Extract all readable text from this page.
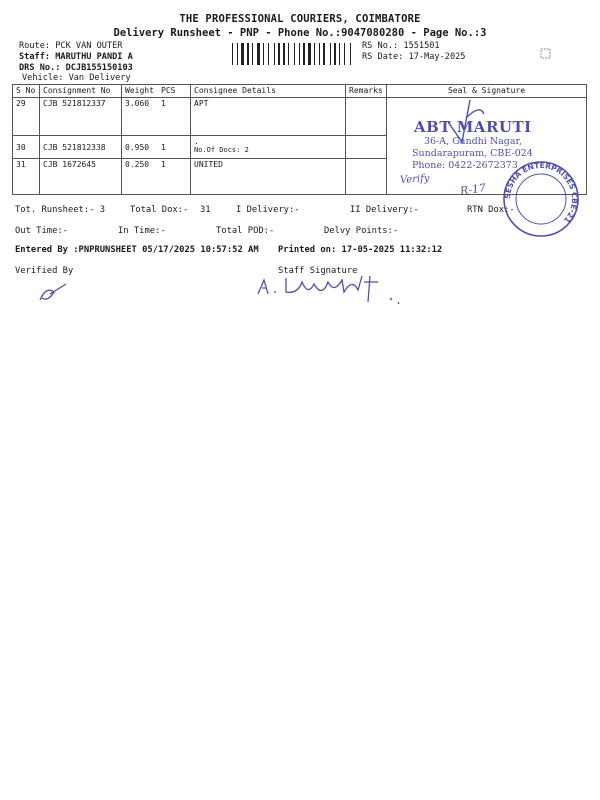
THE PROFESSIONAL COURIERS, COIMBATORE
Delivery Runsheet - PNP - Phone No.:9047080280 - Page No.:3
Route: PCK VAN OUTER
Staff: MARUTHU PANDI A
DRS No.: DCJB155150103
Vehicle: Van Delivery
RS No.: 1551501
RS Date: 17-May-2025
S No	Consignment No	Weight	PCS	Consignee Details	Remarks	Seal & Signature
29	CJB 521812337	3.060	1	APT		
30	CJB 521812338	0.950	1	.
No.Of Docs: 2		

31	CJB 1672645	0.250	1	UNITED		
ABT MARUTI
36-A, Gandhi Nagar,
Sundarapuram, CBE-024
Phone: 0422-2672373
Verify
R-17 SESHA ENTERPRISES CBE-21
Tot. Runsheet:- 3	Total Dox:- 31	I Delivery:-	II Delivery:-	RTN Dox:-
Out Time:-	In Time:-	Total POD:-	Delvy Points:-
Entered By :PNPRUNSHEET 05/17/2025 10:57:52 AM Printed on: 17-05-2025 11:32:12
Verified By	Staff Signature
